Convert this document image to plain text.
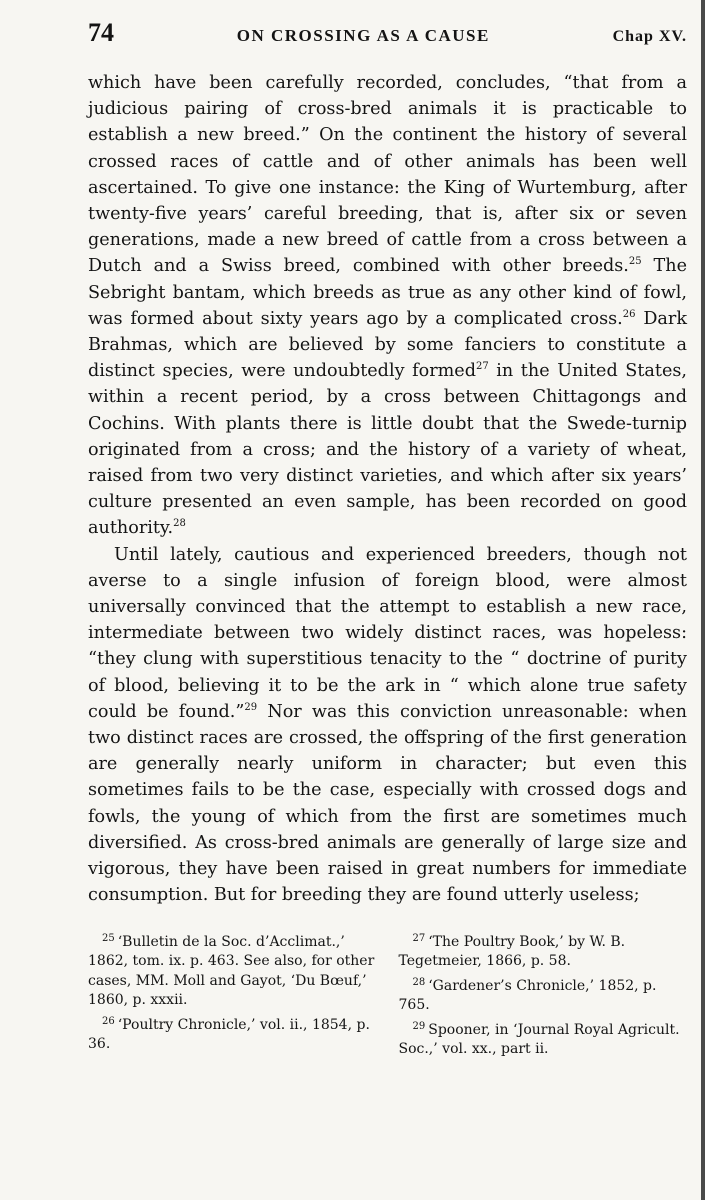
74	ON CROSSING AS A CAUSE	Chap XV.

which have been carefully recorded, concludes, “that from a judicious pairing of cross-bred animals it is practicable to establish a new breed.” On the continent the history of several crossed races of cattle and of other animals has been well ascertained. To give one instance: the King of Wurtemburg, after twenty-five years’ careful breeding, that is, after six or seven generations, made a new breed of cattle from a cross between a Dutch and a Swiss breed, combined with other breeds.$^{25}$ The Sebright bantam, which breeds as true as any other kind of fowl, was formed about sixty years ago by a complicated cross.$^{26}$ Dark Brahmas, which are believed by some fanciers to constitute a distinct species, were undoubtedly formed$^{27}$ in the United States, within a recent period, by a cross between Chittagongs and Cochins. With plants there is little doubt that the Swede-turnip originated from a cross; and the history of a variety of wheat, raised from two very distinct varieties, and which after six years’ culture presented an even sample, has been recorded on good authority.$^{28}$

Until lately, cautious and experienced breeders, though not averse to a single infusion of foreign blood, were almost universally convinced that the attempt to establish a new race, intermediate between two widely distinct races, was hopeless: “they clung with superstitious tenacity to the “ doctrine of purity of blood, believing it to be the ark in “ which alone true safety could be found.”$^{29}$ Nor was this conviction unreasonable: when two distinct races are crossed, the offspring of the first generation are generally nearly uniform in character; but even this sometimes fails to be the case, especially with crossed dogs and fowls, the young of which from the first are sometimes much diversified. As cross-bred animals are generally of large size and vigorous, they have been raised in great numbers for immediate consumption. But for breeding they are found utterly useless;

$^{25}$ ‘Bulletin de la Soc. d’Acclimat.,’ 1862, tom. ix. p. 463. See also, for other cases, MM. Moll and Gayot, ‘Du Bœuf,’ 1860, p. xxxii.

$^{26}$ ‘Poultry Chronicle,’ vol. ii., 1854, p. 36.

$^{27}$ ‘The Poultry Book,’ by W. B. Tegetmeier, 1866, p. 58.

$^{28}$ ‘Gardener’s Chronicle,’ 1852, p. 765.

$^{29}$ Spooner, in ‘Journal Royal Agricult. Soc.,’ vol. xx., part ii.
